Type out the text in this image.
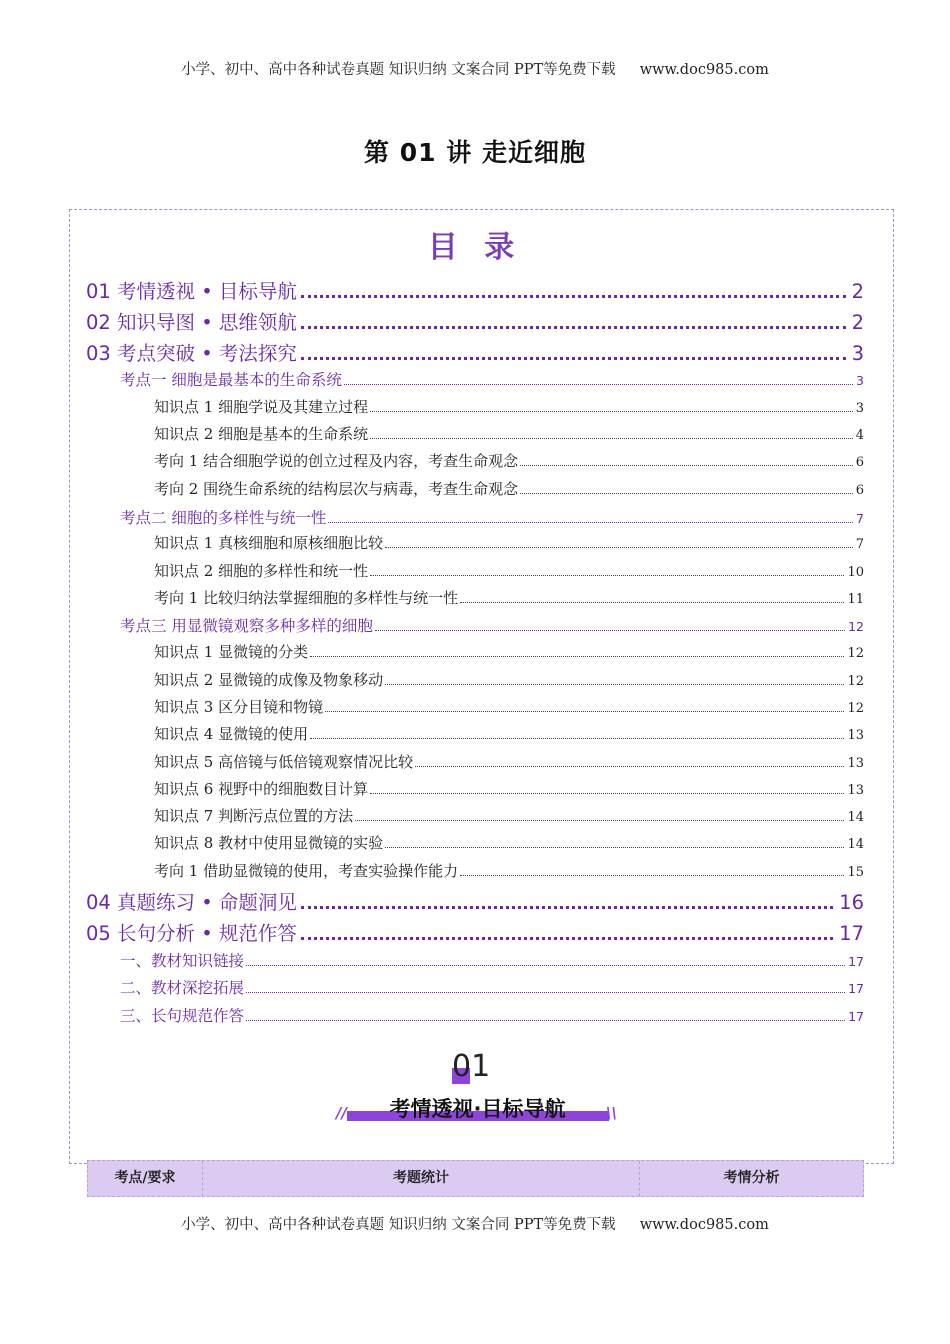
小学、初中、高中各种试卷真题 知识归纳 文案合同 PPT等免费下载 www.doc985.com
第 01 讲 走近细胞
目 录
01 考情透视 • 目标导航	2
02 知识导图 • 思维领航	2
03 考点突破 • 考法探究	3
考点一 细胞是最基本的生命系统	3
知识点 1 细胞学说及其建立过程	3
知识点 2 细胞是基本的生命系统	4
考向 1 结合细胞学说的创立过程及内容，考查生命观念	6
考向 2 围绕生命系统的结构层次与病毒，考查生命观念	6
考点二 细胞的多样性与统一性	7
知识点 1 真核细胞和原核细胞比较	7
知识点 2 细胞的多样性和统一性	10
考向 1 比较归纳法掌握细胞的多样性与统一性	11
考点三 用显微镜观察多种多样的细胞	12
知识点 1 显微镜的分类	12
知识点 2 显微镜的成像及物象移动	12
知识点 3 区分目镜和物镜	12
知识点 4 显微镜的使用	13
知识点 5 高倍镜与低倍镜观察情况比较	13
知识点 6 视野中的细胞数目计算	13
知识点 7 判断污点位置的方法	14
知识点 8 教材中使用显微镜的实验	14
考向 1 借助显微镜的使用，考查实验操作能力	15
04 真题练习 • 命题洞见	16
05 长句分析 • 规范作答	17
一、教材知识链接	17
二、教材深挖拓展	17
三、长句规范作答	17
01
//	考情透视·目标导航	\\
考点/要求	考题统计	考情分析
小学、初中、高中各种试卷真题 知识归纳 文案合同 PPT等免费下载 www.doc985.com
